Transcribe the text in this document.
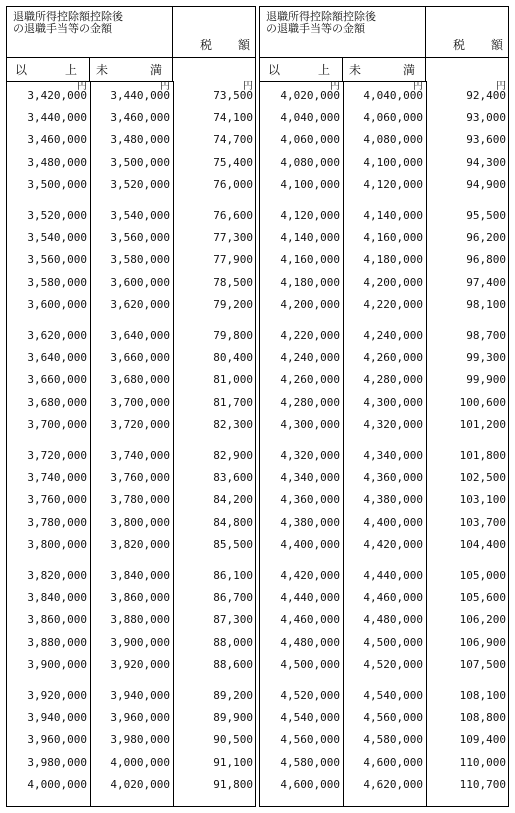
退職所得控除額控除後
の退職手当等の金額
税 額
以	上 未	満
円	円	円
3,420,000	3,440,000	73,500
3,440,000	3,460,000	74,100
3,460,000	3,480,000	74,700
3,480,000	3,500,000	75,400
3,500,000	3,520,000	76,000
3,520,000	3,540,000	76,600
3,540,000	3,560,000	77,300
3,560,000	3,580,000	77,900
3,580,000	3,600,000	78,500
3,600,000	3,620,000	79,200
3,620,000	3,640,000	79,800
3,640,000	3,660,000	80,400
3,660,000	3,680,000	81,000
3,680,000	3,700,000	81,700
3,700,000	3,720,000	82,300
3,720,000	3,740,000	82,900
3,740,000	3,760,000	83,600
3,760,000	3,780,000	84,200
3,780,000	3,800,000	84,800
3,800,000	3,820,000	85,500
3,820,000	3,840,000	86,100
3,840,000	3,860,000	86,700
3,860,000	3,880,000	87,300
3,880,000	3,900,000	88,000
3,900,000	3,920,000	88,600
3,920,000	3,940,000	89,200
3,940,000	3,960,000	89,900
3,960,000	3,980,000	90,500
3,980,000	4,000,000	91,100
4,000,000	4,020,000	91,800
退職所得控除額控除後
の退職手当等の金額
税 額
以	上 未	満
円	円	円
4,020,000	4,040,000	92,400
4,040,000	4,060,000	93,000
4,060,000	4,080,000	93,600
4,080,000	4,100,000	94,300
4,100,000	4,120,000	94,900
4,120,000	4,140,000	95,500
4,140,000	4,160,000	96,200
4,160,000	4,180,000	96,800
4,180,000	4,200,000	97,400
4,200,000	4,220,000	98,100
4,220,000	4,240,000	98,700
4,240,000	4,260,000	99,300
4,260,000	4,280,000	99,900
4,280,000	4,300,000	100,600
4,300,000	4,320,000	101,200
4,320,000	4,340,000	101,800
4,340,000	4,360,000	102,500
4,360,000	4,380,000	103,100
4,380,000	4,400,000	103,700
4,400,000	4,420,000	104,400
4,420,000	4,440,000	105,000
4,440,000	4,460,000	105,600
4,460,000	4,480,000	106,200
4,480,000	4,500,000	106,900
4,500,000	4,520,000	107,500
4,520,000	4,540,000	108,100
4,540,000	4,560,000	108,800
4,560,000	4,580,000	109,400
4,580,000	4,600,000	110,000
4,600,000	4,620,000	110,700
